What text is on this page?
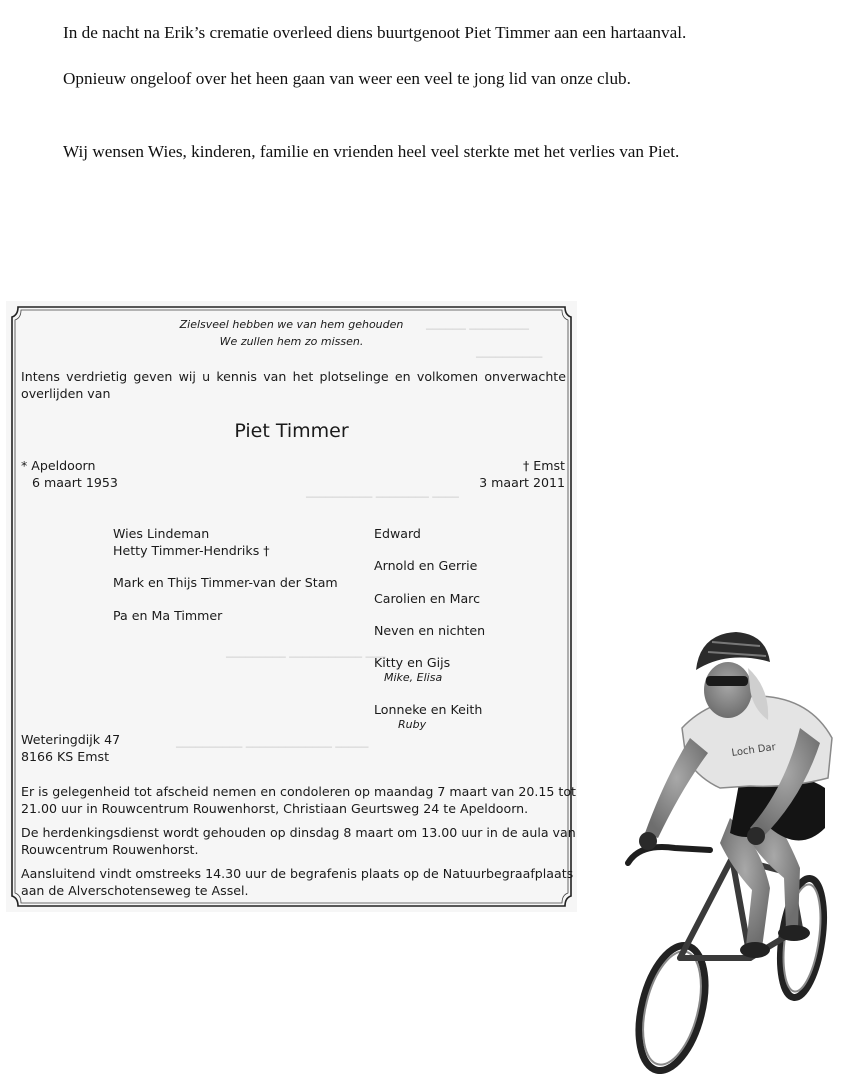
In de nacht na Erik’s crematie overleed diens buurtgenoot Piet Timmer aan een hartaanval.

Opnieuw ongeloof over het heen gaan van weer een veel te jong lid van onze club.

Wij wensen Wies, kinderen, familie en vrienden heel veel sterkte met het verlies van Piet.

────── ─────────
──────────
────────── ──────── ────
───────── ─────────── ───
────────── ───────────── ─────
Zielsveel hebben we van hem gehouden
We zullen hem zo missen.
Intens verdrietig geven wij u kennis van het plotselinge en volkomen onverwachte
overlijden van
Piet Timmer
* Apeldoorn
6 maart 1953
† Emst
3 maart 2011
Wies Lindeman
Hetty Timmer-Hendriks †
Mark en Thijs Timmer-van der Stam
Pa en Ma Timmer
Edward
Arnold en Gerrie
Carolien en Marc
Neven en nichten
Kitty en Gijs
Mike, Elisa
Lonneke en Keith
Ruby
Weteringdijk 47
8166 KS Emst
Er is gelegenheid tot afscheid nemen en condoleren op maandag 7 maart van 20.15 tot
21.00 uur in Rouwcentrum Rouwenhorst, Christiaan Geurtsweg 24 te Apeldoorn.
De herdenkingsdienst wordt gehouden op dinsdag 8 maart om 13.00 uur in de aula van
Rouwcentrum Rouwenhorst.
Aansluitend vindt omstreeks 14.30 uur de begrafenis plaats op de Natuurbegraafplaats
aan de Alverschotenseweg te Assel.
Loch Dar
